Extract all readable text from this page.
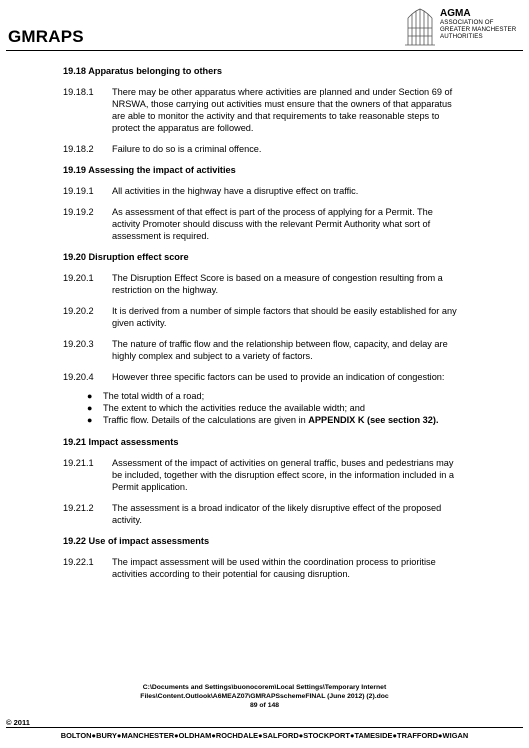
GMRAPS
AGMA
ASSOCIATION OF
GREATER MANCHESTER
AUTHORITIES
19.18 Apparatus belonging to others
19.18.1	There may be other apparatus where activities are planned and under Section 69 of NRSWA, those carrying out activities must ensure that the owners of that apparatus are able to monitor the activity and that requirements to take reasonable steps to protect the apparatus are followed.
19.18.2	Failure to do so is a criminal offence.
19.19 Assessing the impact of activities
19.19.1	All activities in the highway have a disruptive effect on traffic.
19.19.2	As assessment of that effect is part of the process of applying for a Permit. The activity Promoter should discuss with the relevant Permit Authority what sort of assessment is required.
19.20 Disruption effect score
19.20.1	The Disruption Effect Score is based on a measure of congestion resulting from a restriction on the highway.
19.20.2	It is derived from a number of simple factors that should be easily established for any given activity.
19.20.3	The nature of traffic flow and the relationship between flow, capacity, and delay are highly complex and subject to a variety of factors.
19.20.4	However three specific factors can be used to provide an indication of congestion:
●	The total width of a road;
●	The extent to which the activities reduce the available width; and
●	Traffic flow. Details of the calculations are given in APPENDIX K (see section 32).
19.21 Impact assessments
19.21.1	Assessment of the impact of activities on general traffic, buses and pedestrians may be included, together with the disruption effect score, in the information included in a Permit application.
19.21.2	The assessment is a broad indicator of the likely disruptive effect of the proposed activity.
19.22 Use of impact assessments
19.22.1	The impact assessment will be used within the coordination process to prioritise activities according to their potential for causing disruption.
C:\Documents and Settings\buonocorem\Local Settings\Temporary Internet
Files\Content.Outlook\A6MEAZ07\GMRAPSschemeFINAL (June 2012) (2).doc
89 of 148
© 2011
BOLTON●BURY●MANCHESTER●OLDHAM●ROCHDALE●SALFORD●STOCKPORT●TAMESIDE●TRAFFORD●WIGAN
